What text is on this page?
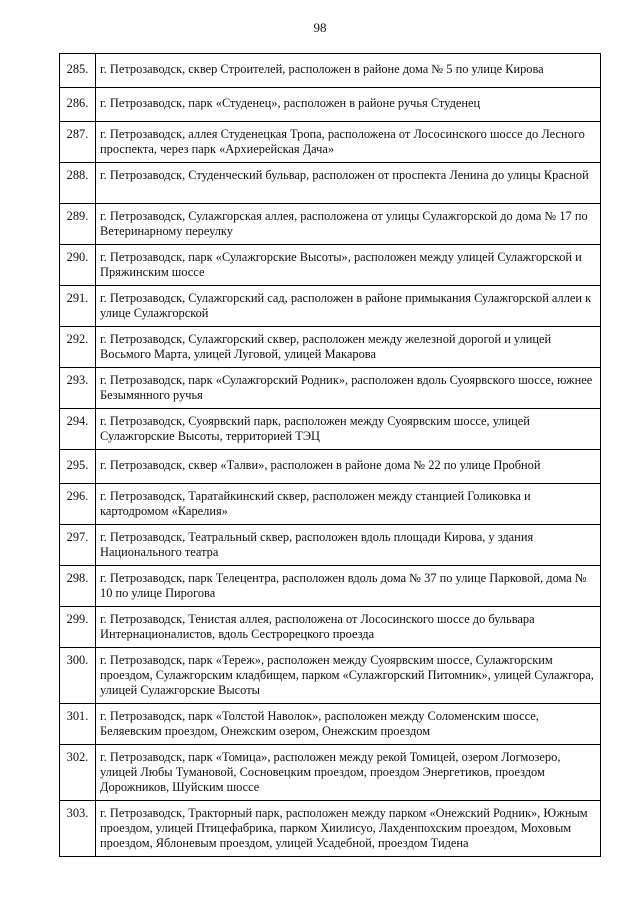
98
285.	г. Петрозаводск, сквер Строителей, расположен в районе дома № 5 по улице Кирова
286.	г. Петрозаводск, парк «Студенец», расположен в районе ручья Студенец
287.	г. Петрозаводск, аллея Студенецкая Тропа, расположена от Лососинского шоссе до Лесного проспекта, через парк «Архиерейская Дача»
288.	г. Петрозаводск, Студенческий бульвар, расположен от проспекта Ленина до улицы Красной
289.	г. Петрозаводск, Сулажгорская аллея, расположена от улицы Сулажгорской до дома № 17 по Ветеринарному переулку
290.	г. Петрозаводск, парк «Сулажгорские Высоты», расположен между улицей Сулажгорской и Пряжинским шоссе
291.	г. Петрозаводск, Сулажгорский сад, расположен в районе примыкания Сулажгорской аллеи к улице Сулажгорской
292.	г. Петрозаводск, Сулажгорский сквер, расположен между железной дорогой и улицей Восьмого Марта, улицей Луговой, улицей Макарова
293.	г. Петрозаводск, парк «Сулажгорский Родник», расположен вдоль Суоярвского шоссе, южнее Безымянного ручья
294.	г. Петрозаводск, Суоярвский парк, расположен между Суоярвским шоссе, улицей Сулажгорские Высоты, территорией ТЭЦ
295.	г. Петрозаводск, сквер «Талви», расположен в районе дома № 22 по улице Пробной
296.	г. Петрозаводск, Таратайкинский сквер, расположен между станцией Голиковка и картодромом «Карелия»
297.	г. Петрозаводск, Театральный сквер, расположен вдоль площади Кирова, у здания Национального театра
298.	г. Петрозаводск, парк Телецентра, расположен вдоль дома № 37 по улице Парковой, дома № 10 по улице Пирогова
299.	г. Петрозаводск, Тенистая аллея, расположена от Лососинского шоссе до бульвара Интернационалистов, вдоль Сестрорецкого проезда
300.	г. Петрозаводск, парк «Тереж», расположен между Суоярвским шоссе, Сулажгорским проездом, Сулажгорским кладбищем, парком «Сулажгорский Питомник», улицей Сулажгора, улицей Сулажгорские Высоты
301.	г. Петрозаводск, парк «Толстой Наволок», расположен между Соломенским шоссе, Беляевским проездом, Онежским озером, Онежским проездом
302.	г. Петрозаводск, парк «Томица», расположен между рекой Томицей, озером Логмозеро, улицей Любы Тумановой, Сосновецким проездом, проездом Энергетиков, проездом Дорожников, Шуйским шоссе
303.	г. Петрозаводск, Тракторный парк, расположен между парком «Онежский Родник», Южным проездом, улицей Птицефабрика, парком Хиилисуо, Лахденпохским проездом, Моховым проездом, Яблоневым проездом, улицей Усадебной, проездом Тидена
